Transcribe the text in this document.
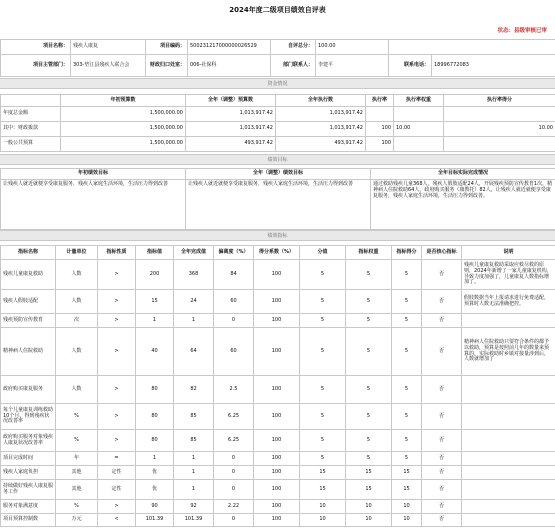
2024年度二级项目绩效自评表
状态：县级审核已审
项目名称：	残疾人康复	项目编码：	500231217000000026529	自评总分：	100.00		
项目主管部门：	303-垫江县残疾人联合会	财政归口处室：	006-社保科	部门联系人：	李建平	联系电话：	18996772083
资金情况
	年初预算数	全年（调整）预算数	全年执行数	执行率	执行率权重	执行率得分
年度总金额	1,500,000.00	1,013,917.42	1,013,917.42			
其中：财政拨款	1,500,000.00	1,013,917.42	1,013,917.42	100	10.00	10.00
一般公共预算	1,500,000.00	493,917.42	493,917.42	100		
绩效目标
年初绩效目标	全年（调整）绩效目标	全年目标实际完成情况
让残疾人就近就便享受康复服务，残疾人家庭生活环境，生活压力得到改善	让残疾人就近就便享受康复服务，残疾人家庭生活环境，生活压力得到改善	通过救助残疾儿童368人，残疾人假肢适配24人，开展残疾预防宣传教育1次，精神病人住院救助64人，政府购买服务（康教托）82人，让残疾人就近就便享受康复服务，残疾人家庭生活环境，生活压力得到改善。
绩效指标
指标名称	计量单位	指标性质	指标值	全年完成值	偏离度（%）	得分系数（%）	分值	指标权重	指标得分	是否核心指标	说明
残疾儿童康复救助	人数	>	200	368	84	100	5	5	5	否	残疾儿童康复救助采取应救尽救的原则，2024年新增了一家儿童康复机构，导致力度加强了，儿童康复人数指标增加了。
残疾人假肢适配	人数	>	15	24	60	100	5	5	5	否	假肢数据当年上报请求进行免费适配，预算时人数无法准确把控。
残疾预防宣传教育	次	>	1	1	0	100	5	5	5	否	
精神病人住院救助	人数	>	40	64	60	100	5	5	5	否	精神病人住院救助只要符合条件的都予以救助，预算是按照前几年的数量来预算的，实际救助时乡镇对接量涉到后，人数就增加了
政府购买康复服务	人数	>	80	82	2.5	100	5	5	5	否	
每个儿童康复训练救助10个月，得到残疾状况改善率	%	>	80	85	6.25	100	5	5	5	否	
政府购买服务对象残疾人康复状况改善率	%	>	80	85	6.25	100	5	5	5	否	
项目完成时间	年	=	1	1	0	100	5	5	5	否	
残疾人家庭负担	其他	定性	优	1	0	100	15	15	15	否	
持续做好残疾人康复服务工作	其他	定性	优	1	0	100	15	15	15	否	
服务对象满意度	%	>	90	92	2.22	100	10	10	10	否	
项目预算控制数	万元	<	101.39	101.39	0	100	10	10	10	否	
